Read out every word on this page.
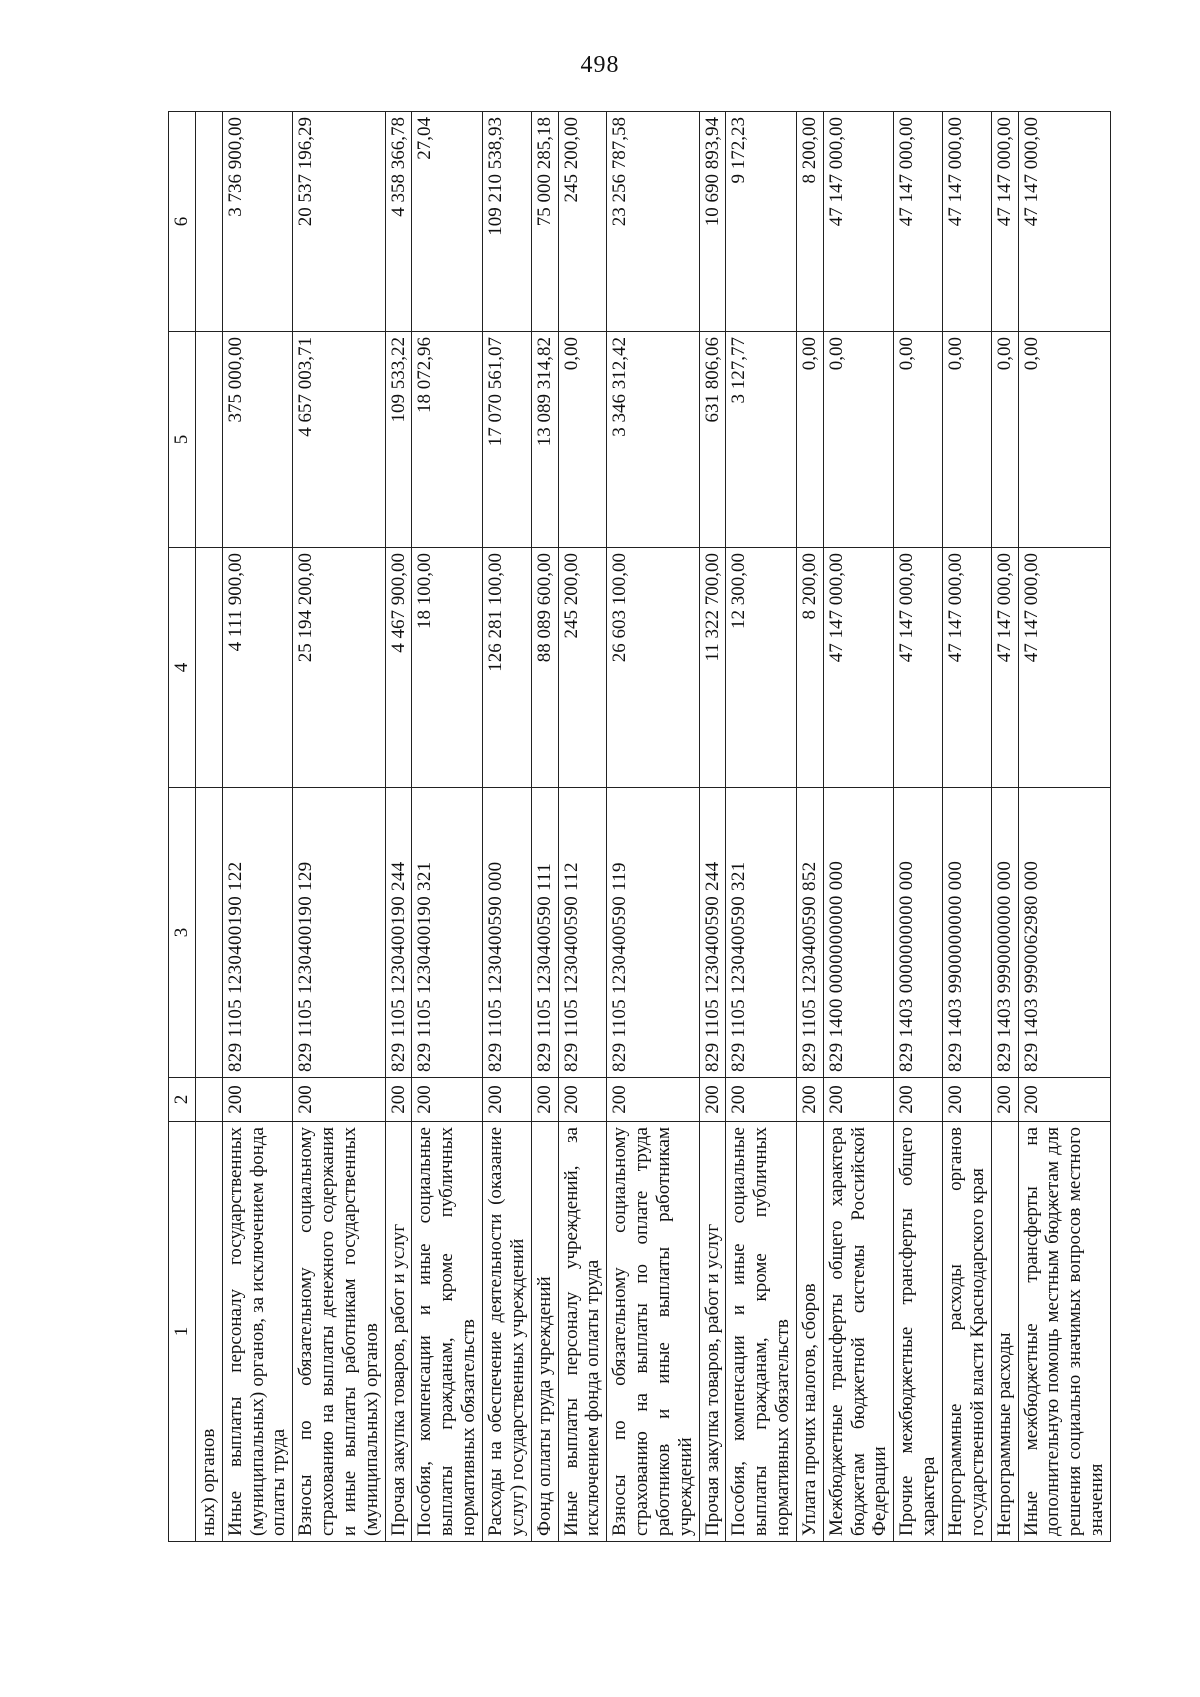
498
1	2	3	4	5	6
ных) органов					
Иные выплаты персоналу государственных (муниципальных) органов, за исключением фонда оплаты труда	200	829 1105 1230400190 122	4 111 900,00	375 000,00	3 736 900,00
Взносы по обязательному социальному страхованию на выплаты денежного содержания и иные выплаты работникам государственных (муниципальных) органов	200	829 1105 1230400190 129	25 194 200,00	4 657 003,71	20 537 196,29
Прочая закупка товаров, работ и услуг	200	829 1105 1230400190 244	4 467 900,00	109 533,22	4 358 366,78
Пособия, компенсации и иные социальные выплаты гражданам, кроме публичных нормативных обязательств	200	829 1105 1230400190 321	18 100,00	18 072,96	27,04
Расходы на обеспечение деятельности (оказание услуг) государственных учреждений	200	829 1105 1230400590 000	126 281 100,00	17 070 561,07	109 210 538,93
Фонд оплаты труда учреждений	200	829 1105 1230400590 111	88 089 600,00	13 089 314,82	75 000 285,18
Иные выплаты персоналу учреждений, за исключением фонда оплаты труда	200	829 1105 1230400590 112	245 200,00	0,00	245 200,00
Взносы по обязательному социальному страхованию на выплаты по оплате труда работников и иные выплаты работникам учреждений	200	829 1105 1230400590 119	26 603 100,00	3 346 312,42	23 256 787,58
Прочая закупка товаров, работ и услуг	200	829 1105 1230400590 244	11 322 700,00	631 806,06	10 690 893,94
Пособия, компенсации и иные социальные выплаты гражданам, кроме публичных нормативных обязательств	200	829 1105 1230400590 321	12 300,00	3 127,77	9 172,23
Уплата прочих налогов, сборов	200	829 1105 1230400590 852	8 200,00	0,00	8 200,00
Межбюджетные трансферты общего характера бюджетам бюджетной системы Российской Федерации	200	829 1400 0000000000 000	47 147 000,00	0,00	47 147 000,00
Прочие межбюджетные трансферты общего характера	200	829 1403 0000000000 000	47 147 000,00	0,00	47 147 000,00
Непрограммные расходы органов государственной власти Краснодарского края	200	829 1403 9900000000 000	47 147 000,00	0,00	47 147 000,00
Непрограммные расходы	200	829 1403 9990000000 000	47 147 000,00	0,00	47 147 000,00
Иные межбюджетные трансферты на дополнительную помощь местным бюджетам для решения социально значимых вопросов местного значения	200	829 1403 9990062980 000	47 147 000,00	0,00	47 147 000,00
